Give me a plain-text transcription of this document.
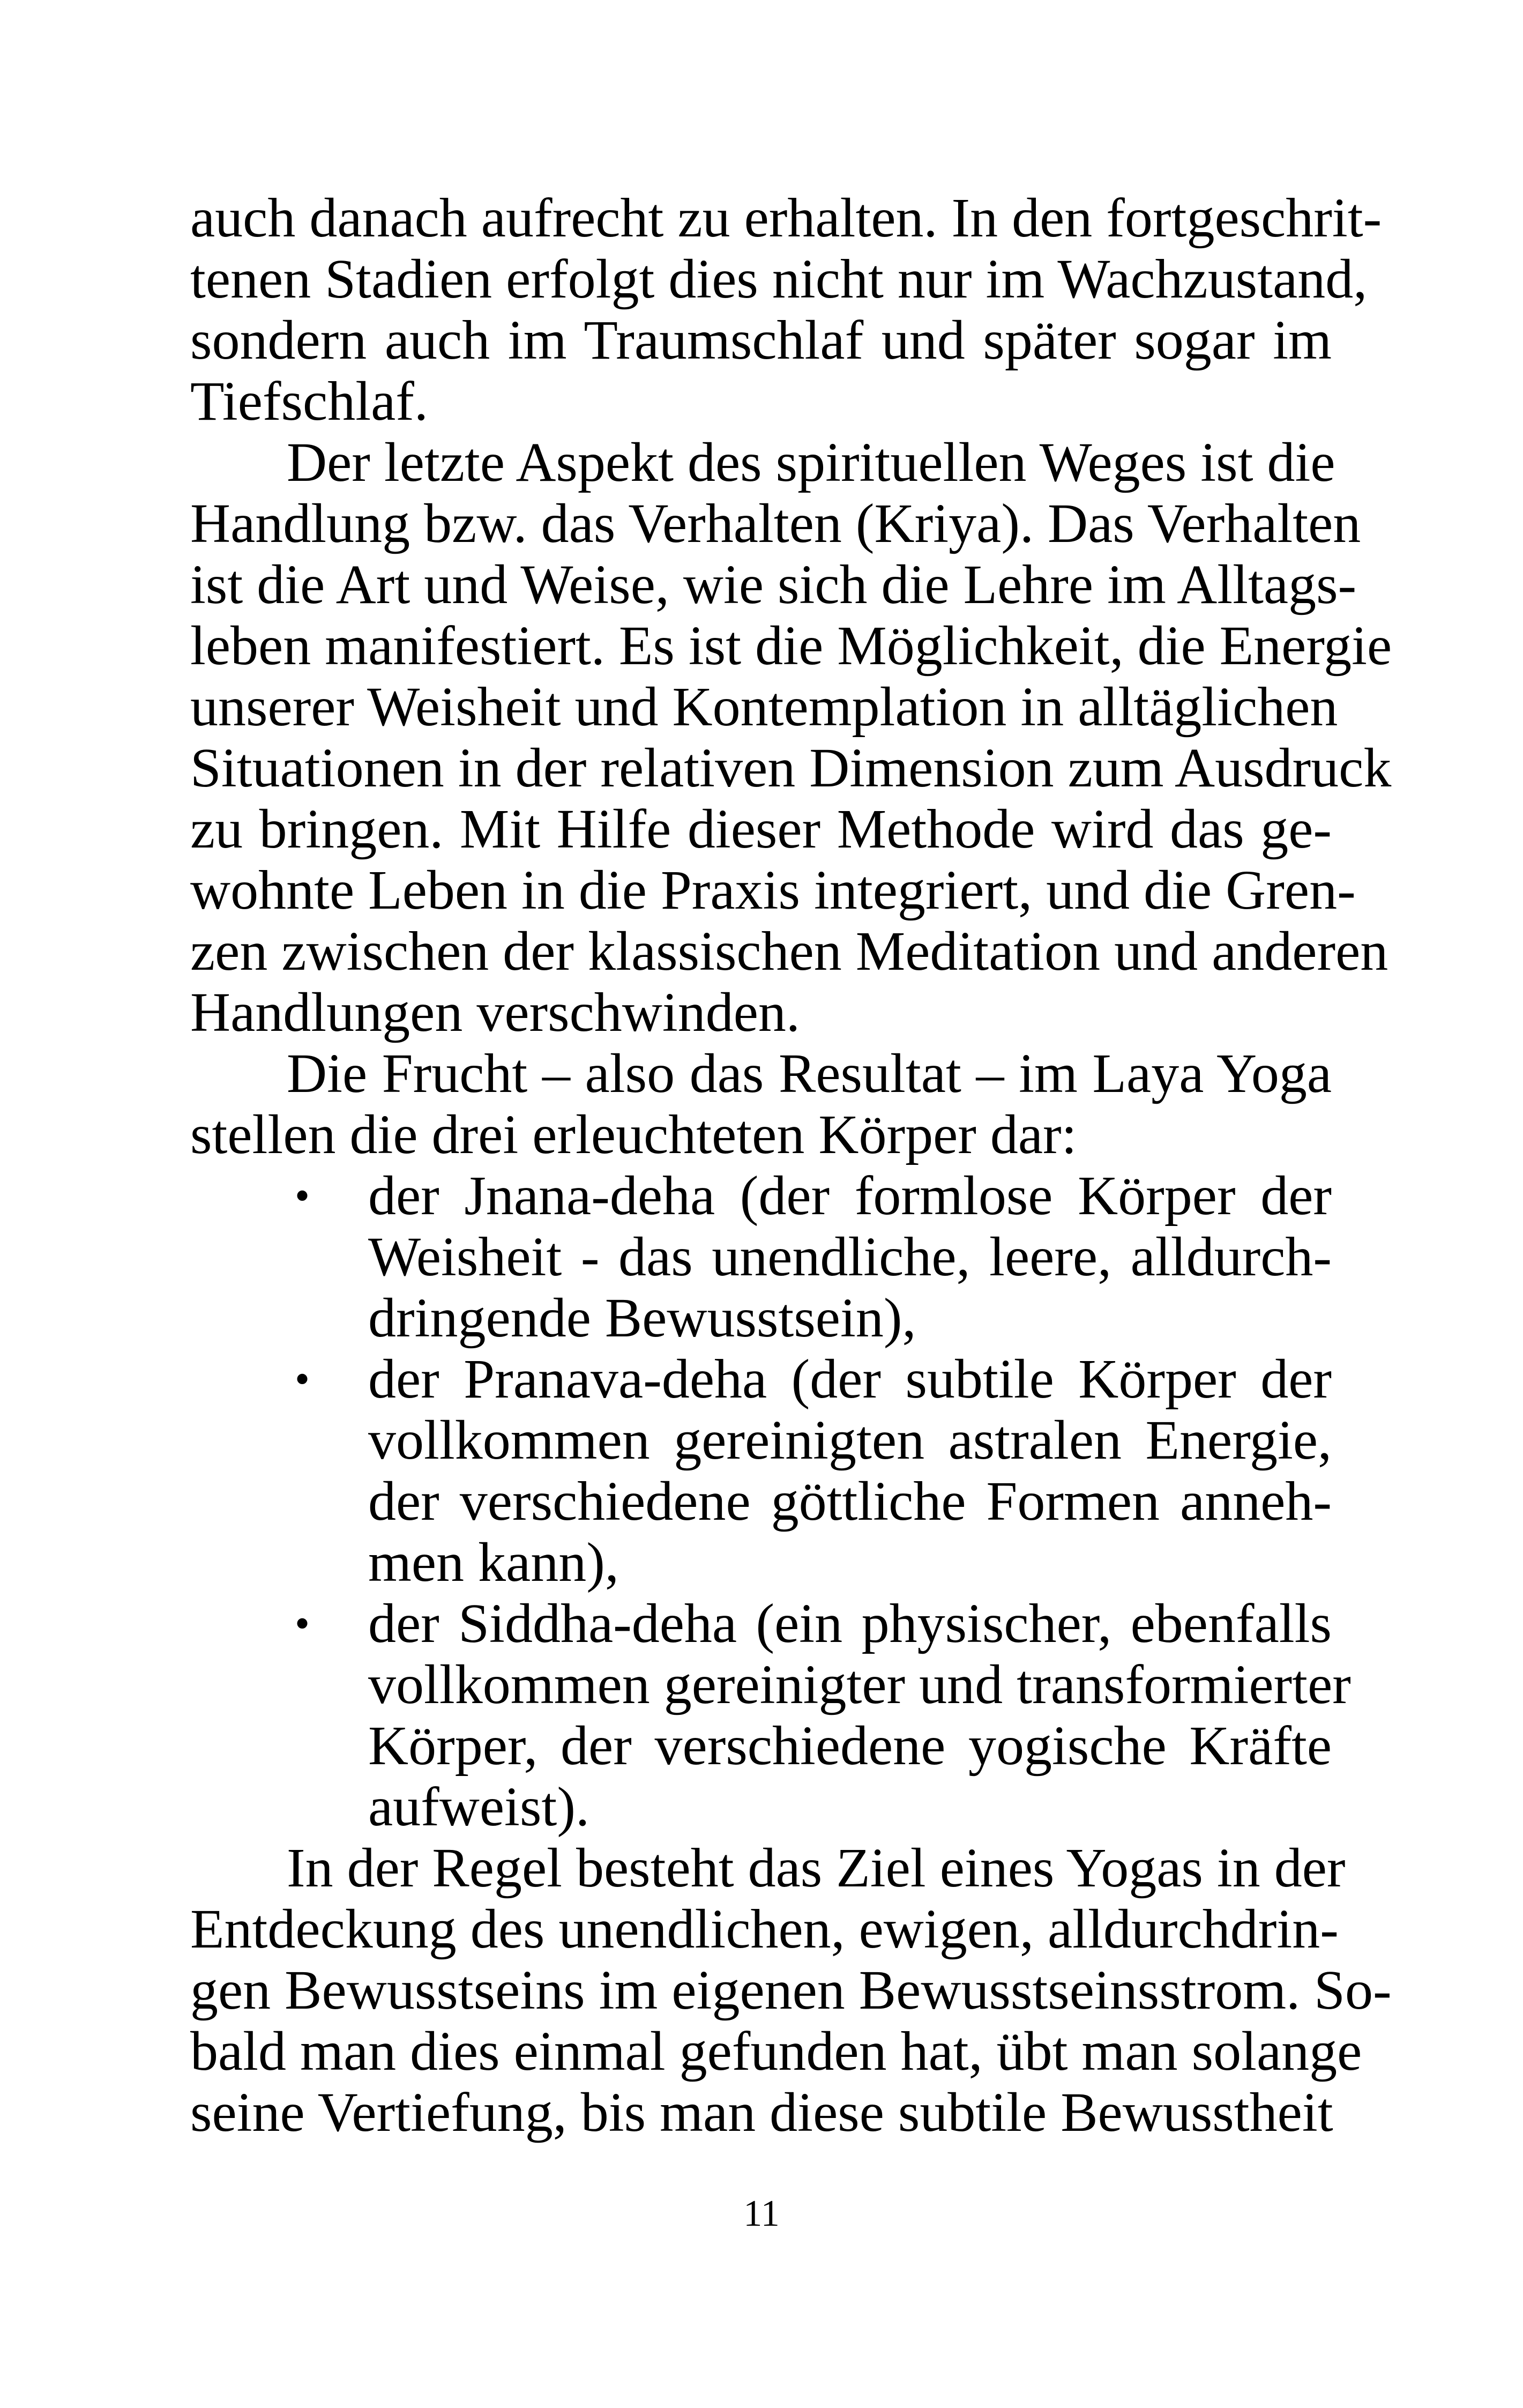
auch danach aufrecht zu erhalten. In den fortgeschrit-
tenen Stadien erfolgt dies nicht nur im Wachzustand,
sondern auch im Traumschlaf und später sogar im
Tiefschlaf.
Der letzte Aspekt des spirituellen Weges ist die
Handlung bzw. das Verhalten (Kriya). Das Verhalten
ist die Art und Weise, wie sich die Lehre im Alltags-
leben manifestiert. Es ist die Möglichkeit, die Energie
unserer Weisheit und Kontemplation in alltäglichen
Situationen in der relativen Dimension zum Ausdruck
zu bringen. Mit Hilfe dieser Methode wird das ge-
wohnte Leben in die Praxis integriert, und die Gren-
zen zwischen der klassischen Meditation und anderen
Handlungen verschwinden.
Die Frucht – also das Resultat – im Laya Yoga
stellen die drei erleuchteten Körper dar:
• der Jnana-deha (der formlose Körper der
Weisheit - das unendliche, leere, alldurch-
dringende Bewusstsein),
• der Pranava-deha (der subtile Körper der
vollkommen gereinigten astralen Energie,
der verschiedene göttliche Formen anneh-
men kann),
• der Siddha-deha (ein physischer, ebenfalls
vollkommen gereinigter und transformierter
Körper, der verschiedene yogische Kräfte
aufweist).
In der Regel besteht das Ziel eines Yogas in der
Entdeckung des unendlichen, ewigen, alldurchdrin-
gen Bewusstseins im eigenen Bewusstseinsstrom. So-
bald man dies einmal gefunden hat, übt man solange
seine Vertiefung, bis man diese subtile Bewusstheit
11
